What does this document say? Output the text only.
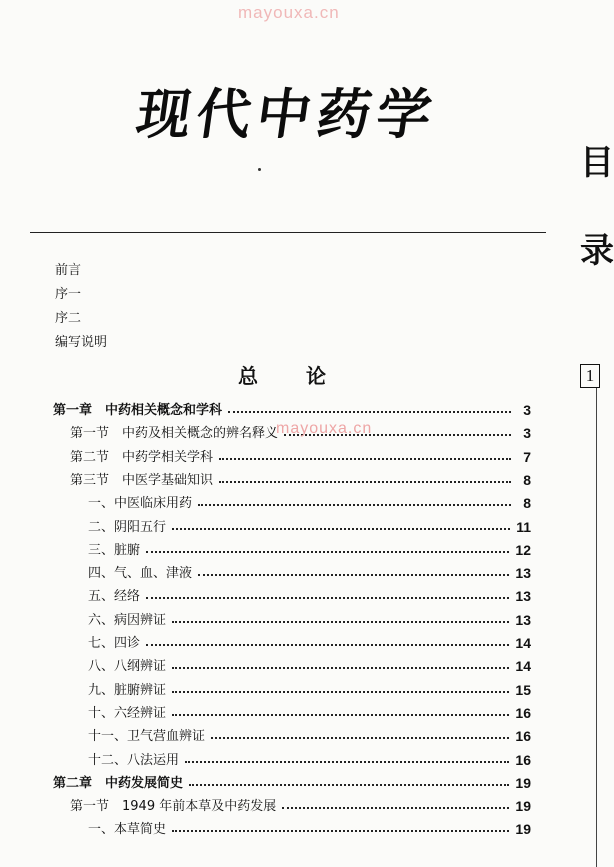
mayouxa.cn
现代中药学
目
录
1
前言
序一
序二
编写说明
总 论
第一章　中药相关概念和学科	3
第一节　中药及相关概念的辨名释义	3
第二节　中药学相关学科	7
第三节　中医学基础知识	8
一、中医临床用药	8
二、阴阳五行	11
三、脏腑	12
四、气、血、津液	13
五、经络	13
六、病因辨证	13
七、四诊	14
八、八纲辨证	14
九、脏腑辨证	15
十、六经辨证	16
十一、卫气营血辨证	16
十二、八法运用	16
第二章　中药发展简史	19
第一节　1949 年前本草及中药发展	19
一、本草简史	19
mayouxa.cn
